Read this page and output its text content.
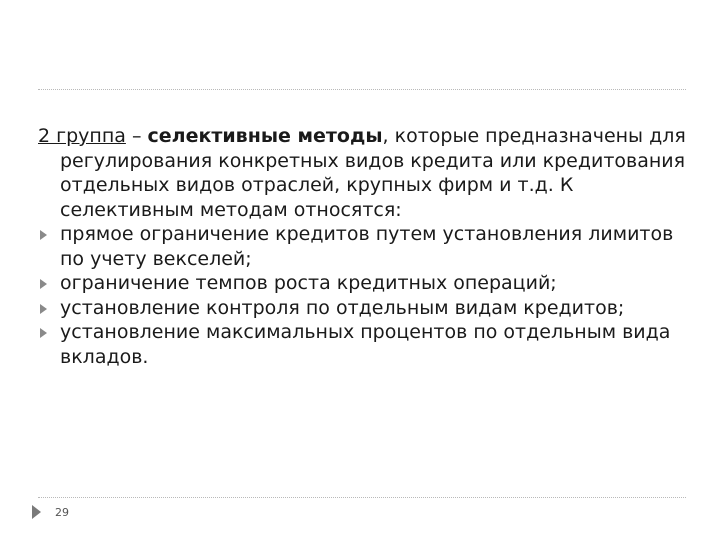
2 группа – селективные методы, которые предназначены для регулирования конкретных видов кредита или кредитования отдельных видов отраслей, крупных фирм и т.д. К селективным методам относятся:

прямое ограничение кредитов путем установления лимитов по учету векселей;
ограничение темпов роста кредитных операций;
установление контроля по отдельным видам кредитов;
установление максимальных процентов по отдельным вида вкладов.
29
